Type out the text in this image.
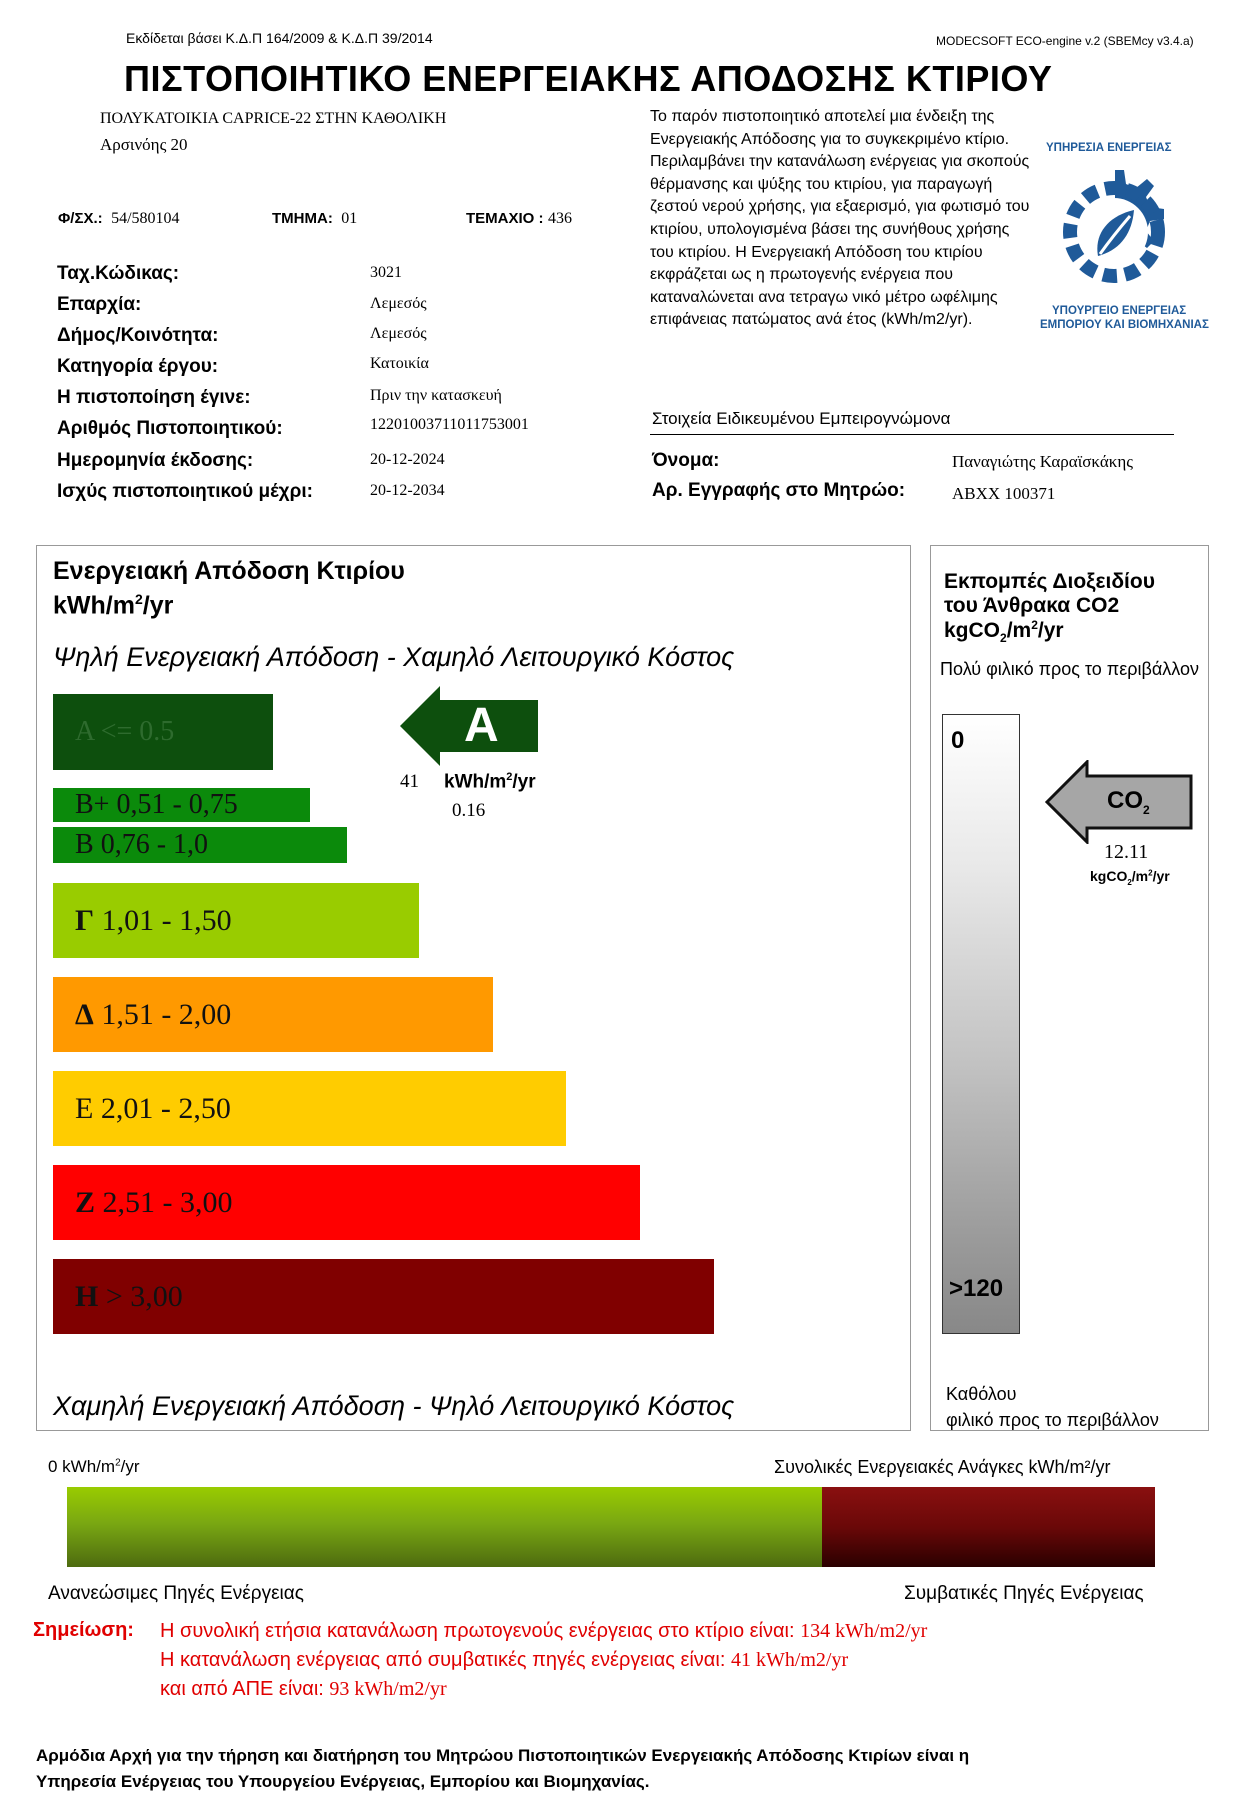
Εκδίδεται βάσει Κ.Δ.Π 164/2009 & Κ.Δ.Π 39/2014	MODECSOFT ECO-engine v.2 (SBEMcy v3.4.a)
ΠΙΣΤΟΠΟΙΗΤΙΚΟ ΕΝΕΡΓΕΙΑΚΗΣ ΑΠΟΔΟΣΗΣ ΚΤΙΡΙΟΥ
ΠΟΛΥΚΑΤΟΙΚΙΑ CAPRICE-22 ΣΤΗΝ ΚΑΘΟΛΙΚΗ
Αρσινόης 20
Φ/ΣΧ.: 54/580104	ΤΜΗΜΑ: 01	ΤΕΜΑΧΙΟ : 436
Ταχ.Κώδικας:	3021
Επαρχία:	Λεμεσός
Δήμος/Κοινότητα:	Λεμεσός
Κατηγορία έργου:	Κατοικία
Η πιστοποίηση έγινε:	Πριν την κατασκευή
Αριθμός Πιστοποιητικού:	12201003711011753001
Ημερομηνία έκδοσης:	20-12-2024
Ισχύς πιστοποιητικού μέχρι:	20-12-2034
Το παρόν πιστοποιητικό αποτελεί μια ένδειξη της Ενεργειακής Απόδοσης για το συγκεκριμένο κτίριο. Περιλαμβάνει την κατανάλωση ενέργειας για σκοπούς θέρμανσης και ψύξης του κτιρίου, για παραγωγή ζεστού νερού χρήσης, για εξαερισμό, για φωτισμό του κτιρίου, υπολογισμένα βάσει της συνήθους χρήσης του κτιρίου. Η Ενεργειακή Απόδοση του κτιρίου εκφράζεται ως η πρωτογενής ενέργεια που καταναλώνεται ανα τετραγω νικό μέτρο ωφέλιμης επιφάνειας πατώματος ανά έτος (kWh/m2/yr).
ΥΠΗΡΕΣΙΑ ΕΝΕΡΓΕΙΑΣ
ΥΠΟΥΡΓΕΙΟ ΕΝΕΡΓΕΙΑΣ
ΕΜΠΟΡΙΟΥ ΚΑΙ ΒΙΟΜΗΧΑΝΙΑΣ
Στοιχεία Ειδικευμένου Εμπειρογνώμονα
Όνομα:	Παναγιώτης Καραϊσκάκης
Αρ. Εγγραφής στο Μητρώο:	ABXX 100371
Ενεργειακή Απόδοση Κτιρίου
kWh/$m^2/yr$
Ψηλή Ενεργειακή Απόδοση - Χαμηλό Λειτουργικό Κόστος
A <= 0.5
B+ 0,51 - 0,75
B 0,76 - 1,0
Γ 1,01 - 1,50
Δ 1,51 - 2,00
Ε 2,01 - 2,50
Ζ 2,51 - 3,00
Η > 3,00
A
41 kWh/$m^2/yr$
0.16
Χαμηλή Ενεργειακή Απόδοση - Ψηλό Λειτουργικό Κόστος
Εκπομπές Διοξειδίου
του Άνθρακα CO2
$kgCO_2/m^2/yr$
Πολύ φιλικό προς το περιβάλλον
0
>120
$CO_2$
12.11
$kgCO_2/m^2/yr$
Καθόλου
φιλικό προς το περιβάλλον
0 kWh/$m^2/yr$	Συνολικές Ενεργειακές Ανάγκες kWh/m²/yr
Ανανεώσιμες Πηγές Ενέργειας	Συμβατικές Πηγές Ενέργειας
Σημείωση: Η συνολική ετήσια κατανάλωση πρωτογενούς ενέργειας στο κτίριο είναι: 134 kWh/m2/yr
Η κατανάλωση ενέργειας από συμβατικές πηγές ενέργειας είναι: 41 kWh/m2/yr
και από ΑΠΕ είναι: 93 kWh/m2/yr
Αρμόδια Αρχή για την τήρηση και διατήρηση του Μητρώου Πιστοποιητικών Ενεργειακής Απόδοσης Κτιρίων είναι η
Υπηρεσία Ενέργειας του Υπουργείου Ενέργειας, Εμπορίου και Βιομηχανίας.
